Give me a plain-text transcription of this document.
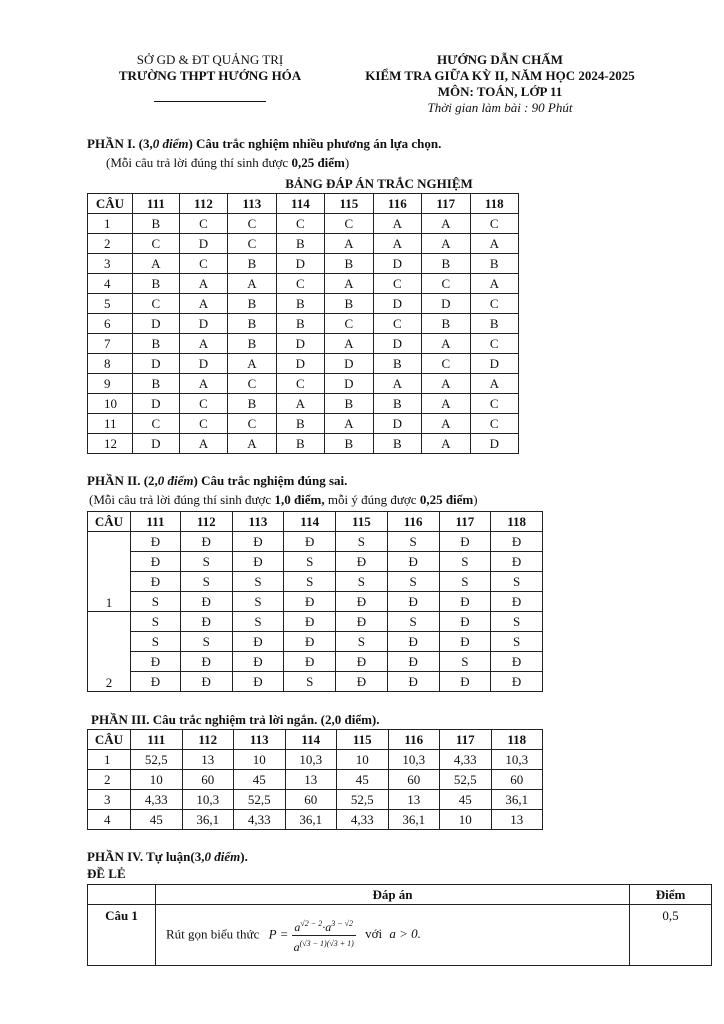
SỞ GD & ĐT QUẢNG TRỊ
TRƯỜNG THPT HƯỚNG HÓA
HƯỚNG DẪN CHẤM
KIỂM TRA GIỮA KỲ II, NĂM HỌC 2024-2025
MÔN: TOÁN, LỚP 11
Thời gian làm bài : 90 Phút
PHẦN I. (3,0 điểm) Câu trắc nghiệm nhiều phương án lựa chọn.
(Mỗi câu trả lời đúng thí sinh được 0,25 điểm)
BẢNG ĐÁP ÁN TRẮC NGHIỆM
CÂU	111	112	113	114	115	116	117	118
1	B	C	C	C	C	A	A	C
2	C	D	C	B	A	A	A	A
3	A	C	B	D	B	D	B	B
4	B	A	A	C	A	C	C	A
5	C	A	B	B	B	D	D	C
6	D	D	B	B	C	C	B	B
7	B	A	B	D	A	D	A	C
8	D	D	A	D	D	B	C	D
9	B	A	C	C	D	A	A	A
10	D	C	B	A	B	B	A	C
11	C	C	C	B	A	D	A	C
12	D	A	A	B	B	B	A	D
PHẦN II. (2,0 điểm) Câu trắc nghiệm đúng sai.
(Mỗi câu trả lời đúng thí sinh được 1,0 điểm, mỗi ý đúng được 0,25 điểm)
CÂU	111	112	113	114	115	116	117	118
1	Đ	Đ	Đ	Đ	S	S	Đ	Đ
	Đ	S	Đ	S	Đ	Đ	S	Đ
	Đ	S	S	S	S	S	S	S
	S	Đ	S	Đ	Đ	Đ	Đ	Đ
2	S	Đ	S	Đ	Đ	S	Đ	S
	S	S	Đ	Đ	S	Đ	Đ	S
	Đ	Đ	Đ	Đ	Đ	Đ	S	Đ
	Đ	Đ	Đ	S	Đ	Đ	Đ	Đ
PHẦN III. Câu trắc nghiệm trả lời ngắn. (2,0 điểm).
CÂU	111	112	113	114	115	116	117	118
1	52,5	13	10	10,3	10	10,3	4,33	10,3
2	10	60	45	13	45	60	52,5	60
3	4,33	10,3	52,5	60	52,5	13	45	36,1
4	45	36,1	4,33	36,1	4,33	36,1	10	13
PHẦN IV. Tự luận(3,0 điểm).
ĐỀ LẺ
	Đáp án	Điểm
Câu 1	Rút gọn biểu thức $P = \frac{a^{√2 - 2}\cdot a^{3 - √2}}{a^{(√3 - 1)(√3 + 1)}}$ với a > 0.	0,5
